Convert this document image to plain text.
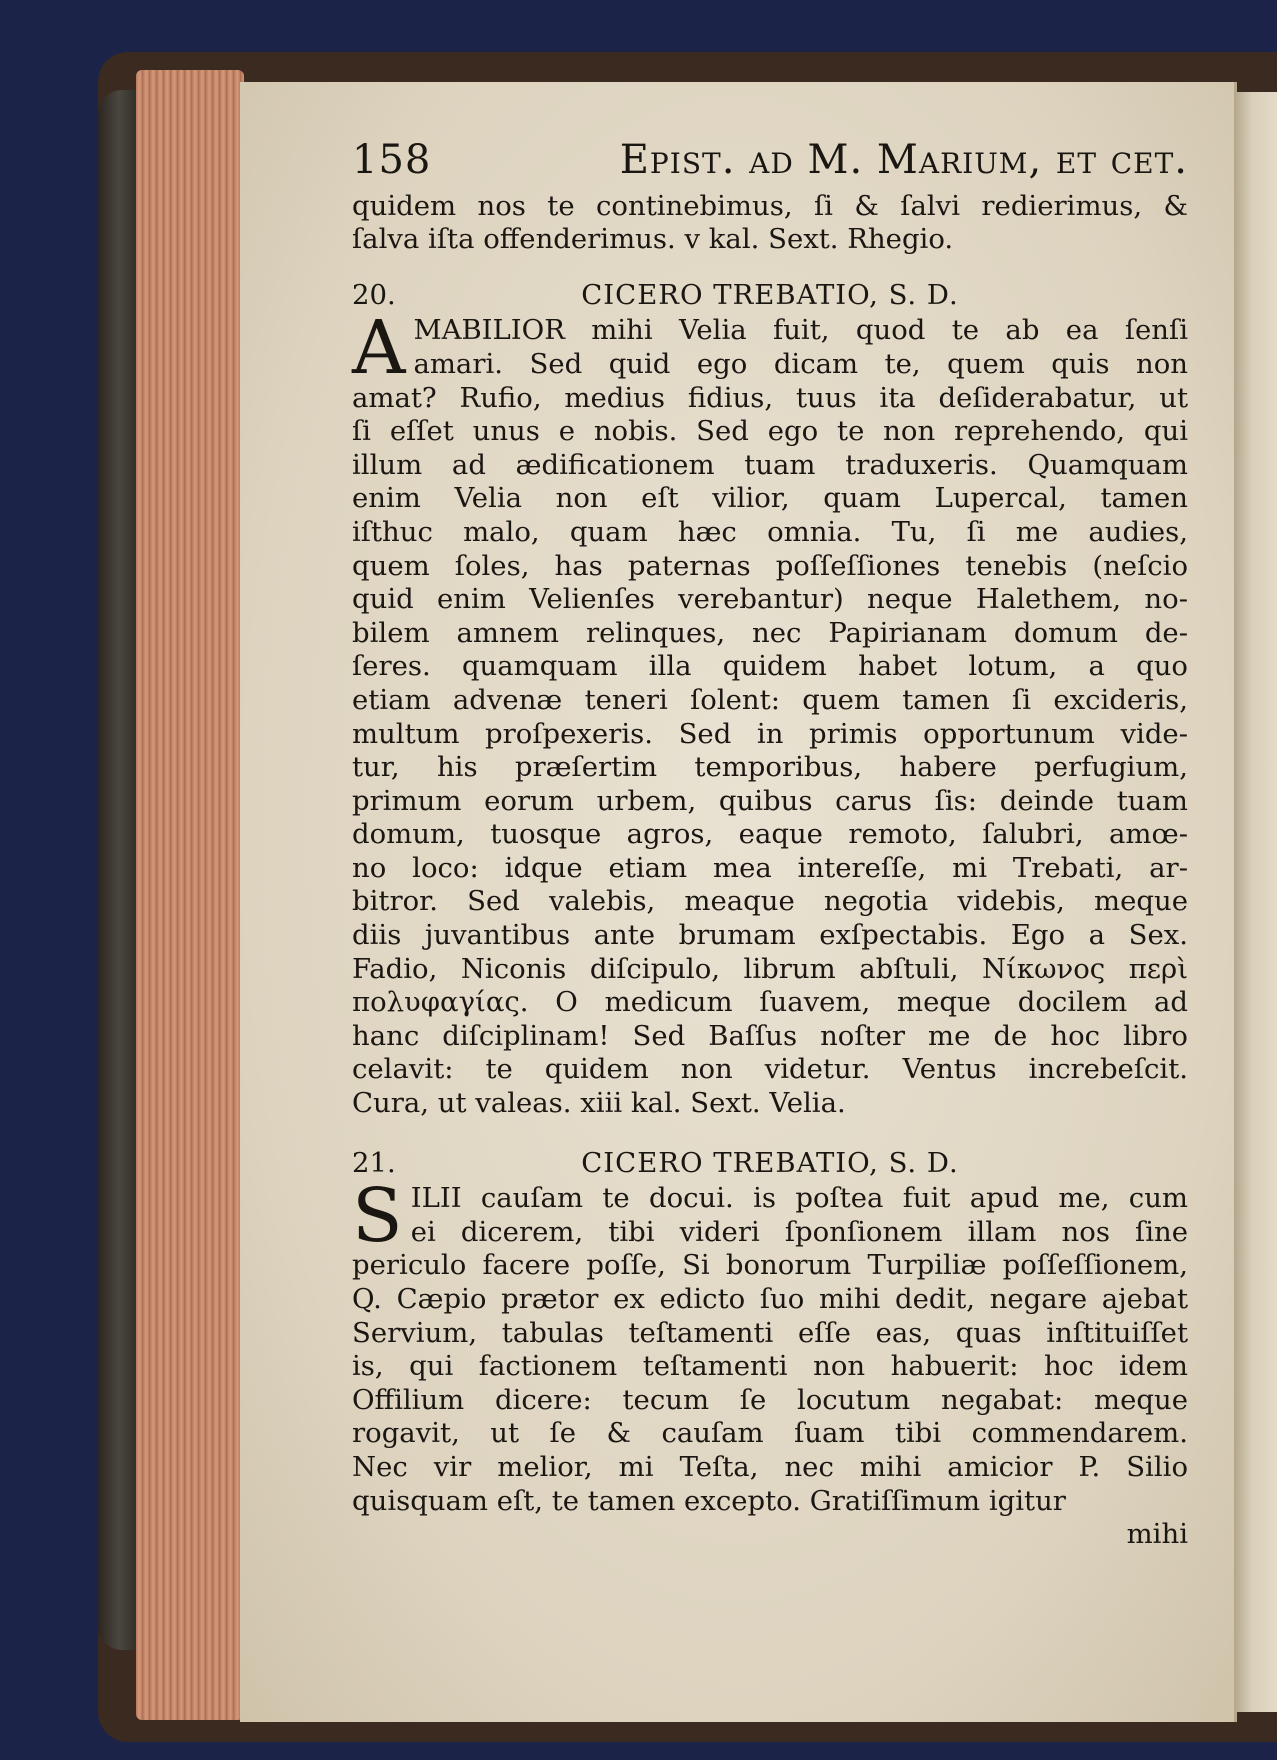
158	Epist. ad M. Marium, et cet.

quidem nos te continebimus, ſi & ſalvi redierimus, &
ſalva iſta offenderimus. v kal. Sext. Rhegio.

20.	CICERO TREBATIO, S. D.
A MABILIOR mihi Velia fuit, quod te ab ea ſenſi
amari. Sed quid ego dicam te, quem quis non
amat? Rufio, medius fidius, tuus ita deſiderabatur, ut
ſi eſſet unus e nobis. Sed ego te non reprehendo, qui
illum ad ædificationem tuam traduxeris. Quamquam
enim Velia non eſt vilior, quam Lupercal, tamen
iſthuc malo, quam hæc omnia. Tu, ſi me audies,
quem ſoles, has paternas poſſeſſiones tenebis (neſcio
quid enim Velienſes verebantur) neque Halethem, no-
bilem amnem relinques, nec Papirianam domum de-
ſeres. quamquam illa quidem habet lotum, a quo
etiam advenæ teneri ſolent: quem tamen ſi excideris,
multum proſpexeris. Sed in primis opportunum vide-
tur, his præſertim temporibus, habere perfugium,
primum eorum urbem, quibus carus ſis: deinde tuam
domum, tuosque agros, eaque remoto, ſalubri, amœ-
no loco: idque etiam mea intereſſe, mi Trebati, ar-
bitror. Sed valebis, meaque negotia videbis, meque
diis juvantibus ante brumam exſpectabis. Ego a Sex.
Fadio, Niconis diſcipulo, librum abſtuli, Νίκωνος περὶ
πολυφαγίας. O medicum ſuavem, meque docilem ad
hanc diſciplinam! Sed Baſſus noſter me de hoc libro
celavit: te quidem non videtur. Ventus increbeſcit.
Cura, ut valeas. xiii kal. Sext. Velia.
21.	CICERO TREBATIO, S. D.
S ILII cauſam te docui. is poſtea fuit apud me, cum
ei dicerem, tibi videri ſponſionem illam nos ſine
periculo facere poſſe, Si bonorum Turpiliæ poſſeſſionem,
Q. Cæpio prætor ex edicto ſuo mihi dedit, negare ajebat
Servium, tabulas teſtamenti eſſe eas, quas inſtituiſſet
is, qui factionem teſtamenti non habuerit: hoc idem
Offilium dicere: tecum ſe locutum negabat: meque
rogavit, ut ſe & cauſam ſuam tibi commendarem.
Nec vir melior, mi Teſta, nec mihi amicior P. Silio
quisquam eſt, te tamen excepto. Gratiſſimum igitur
mihi
